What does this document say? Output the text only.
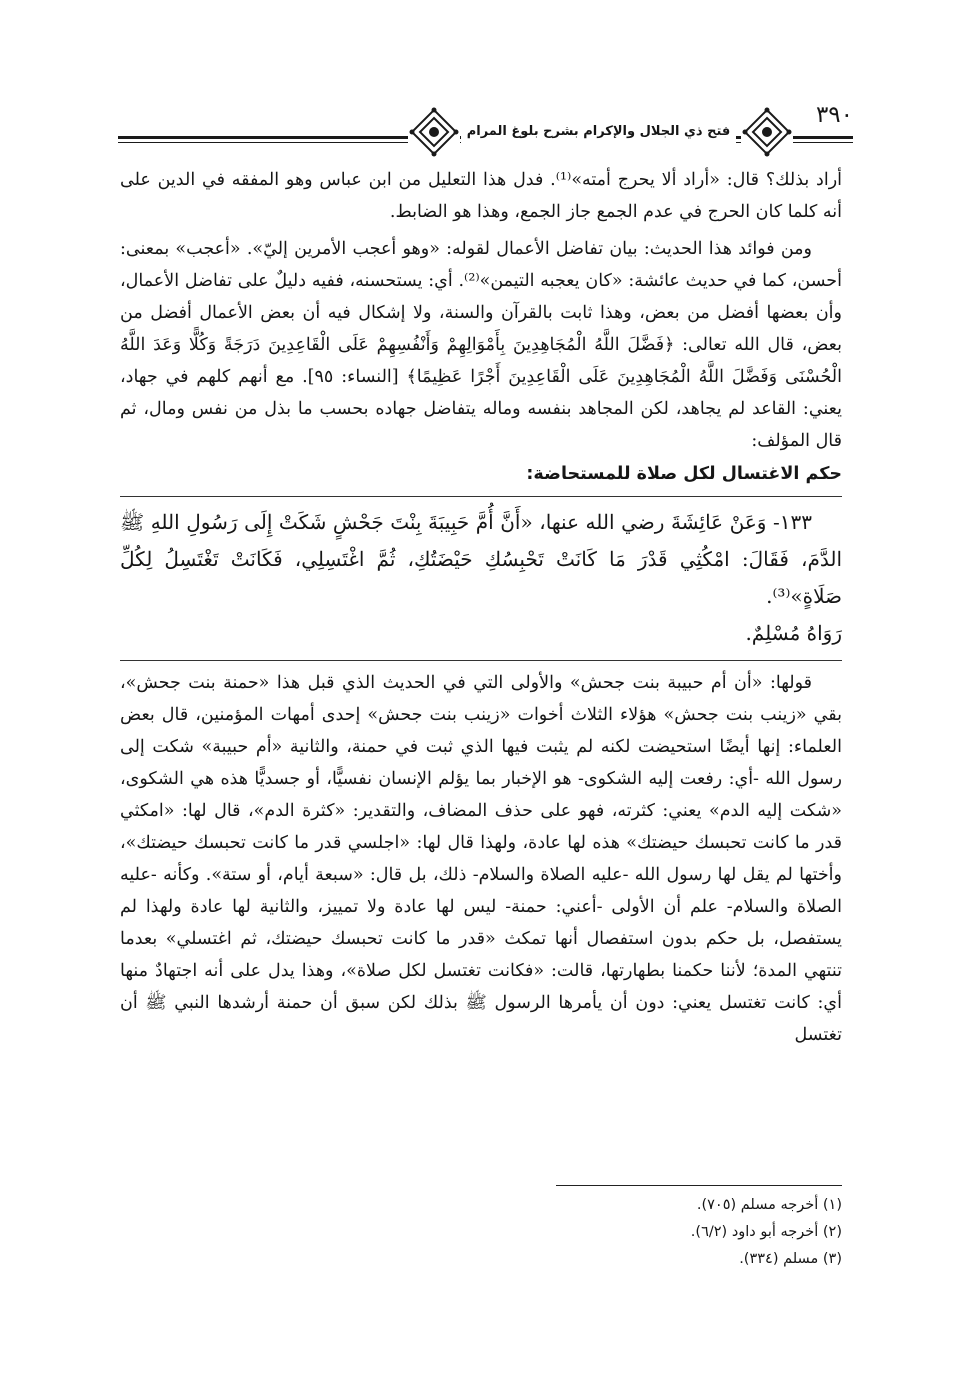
فتح ذي الجلال والإكرام بشرح بلوغ المرام
٣٩٠

أراد بذلك؟ قال: «أراد ألا يحرج أمته»⁽¹⁾. فدل هذا التعليل من ابن عباس وهو المفقه في الدين على أنه كلما كان الحرج في عدم الجمع جاز الجمع، وهذا هو الضابط.

ومن فوائد هذا الحديث: بيان تفاضل الأعمال لقوله: «وهو أعجب الأمرين إليّ». «أعجب» بمعنى: أحسن، كما في حديث عائشة: «كان يعجبه التيمن»⁽²⁾. أي: يستحسنه، ففيه دليلٌ على تفاضل الأعمال، وأن بعضها أفضل من بعض، وهذا ثابت بالقرآن والسنة، ولا إشكال فيه أن بعض الأعمال أفضل من بعض، قال الله تعالى: ﴿فَضَّلَ اللَّهُ الْمُجَاهِدِينَ بِأَمْوَالِهِمْ وَأَنْفُسِهِمْ عَلَى الْقَاعِدِينَ دَرَجَةً وَكُلًّا وَعَدَ اللَّهُ الْحُسْنَى وَفَضَّلَ اللَّهُ الْمُجَاهِدِينَ عَلَى الْقَاعِدِينَ أَجْرًا عَظِيمًا﴾ [النساء: ٩٥]. مع أنهم كلهم في جهاد، يعني: القاعد لم يجاهد، لكن المجاهد بنفسه وماله يتفاضل جهاده بحسب ما بذل من نفس ومال، ثم قال المؤلف:

حكم الاغتسال لكل صلاة للمستحاضة:

١٣٣- وَعَنْ عَائِشَةَ رضي الله عنها، «أَنَّ أُمَّ حَبِيبَةَ بِنْتَ جَحْشٍ شَكَتْ إِلَى رَسُولِ اللهِ ﷺ الدَّمَ، فَقَالَ: امْكُثِي قَدْرَ مَا كَانَتْ تَحْبِسُكِ حَيْضَتُكِ، ثُمَّ اغْتَسِلِي، فَكَانَتْ تَغْتَسِلُ لِكُلِّ صَلَاةٍ»⁽³⁾.

رَوَاهُ مُسْلِمٌ.

قولها: «أن أم حبيبة بنت جحش» والأولى التي في الحديث الذي قبل هذا «حمنة بنت جحش»، بقي «زينب بنت جحش» هؤلاء الثلاث أخوات «زينب بنت جحش» إحدى أمهات المؤمنين، قال بعض العلماء: إنها أيضًا استحيضت لكنه لم يثبت فيها الذي ثبت في حمنة، والثانية «أم حبيبة» شكت إلى رسول الله -أي: رفعت إليه الشكوى- هو الإخبار بما يؤلم الإنسان نفسيًّا، أو جسديًّا هذه هي الشكوى، «شكت إليه الدم» يعني: كثرته، فهو على حذف المضاف، والتقدير: «كثرة الدم»، قال لها: «امكثي قدر ما كانت تحبسك حيضتك» هذه لها عادة، ولهذا قال لها: «اجلسي قدر ما كانت تحبسك حيضتك»، وأختها لم يقل لها رسول الله -عليه الصلاة والسلام- ذلك، بل قال: «سبعة أيام، أو ستة». وكأنه -عليه الصلاة والسلام- علم أن الأولى -أعني: حمنة- ليس لها عادة ولا تمييز، والثانية لها عادة ولهذا لم يستفصل، بل حكم بدون استفصال أنها تمكث «قدر ما كانت تحبسك حيضتك، ثم اغتسلي» بعدما تنتهي المدة؛ لأننا حكمنا بطهارتها، قالت: «فكانت تغتسل لكل صلاة»، وهذا يدل على أنه اجتهادٌ منها أي: كانت تغتسل يعني: دون أن يأمرها الرسول ﷺ بذلك لكن سبق أن حمنة أرشدها النبي ﷺ أن تغتسل

(١) أخرجه مسلم (٧٠٥).

(٢) أخرجه أبو داود (٦/٢).

(٣) مسلم (٣٣٤).
